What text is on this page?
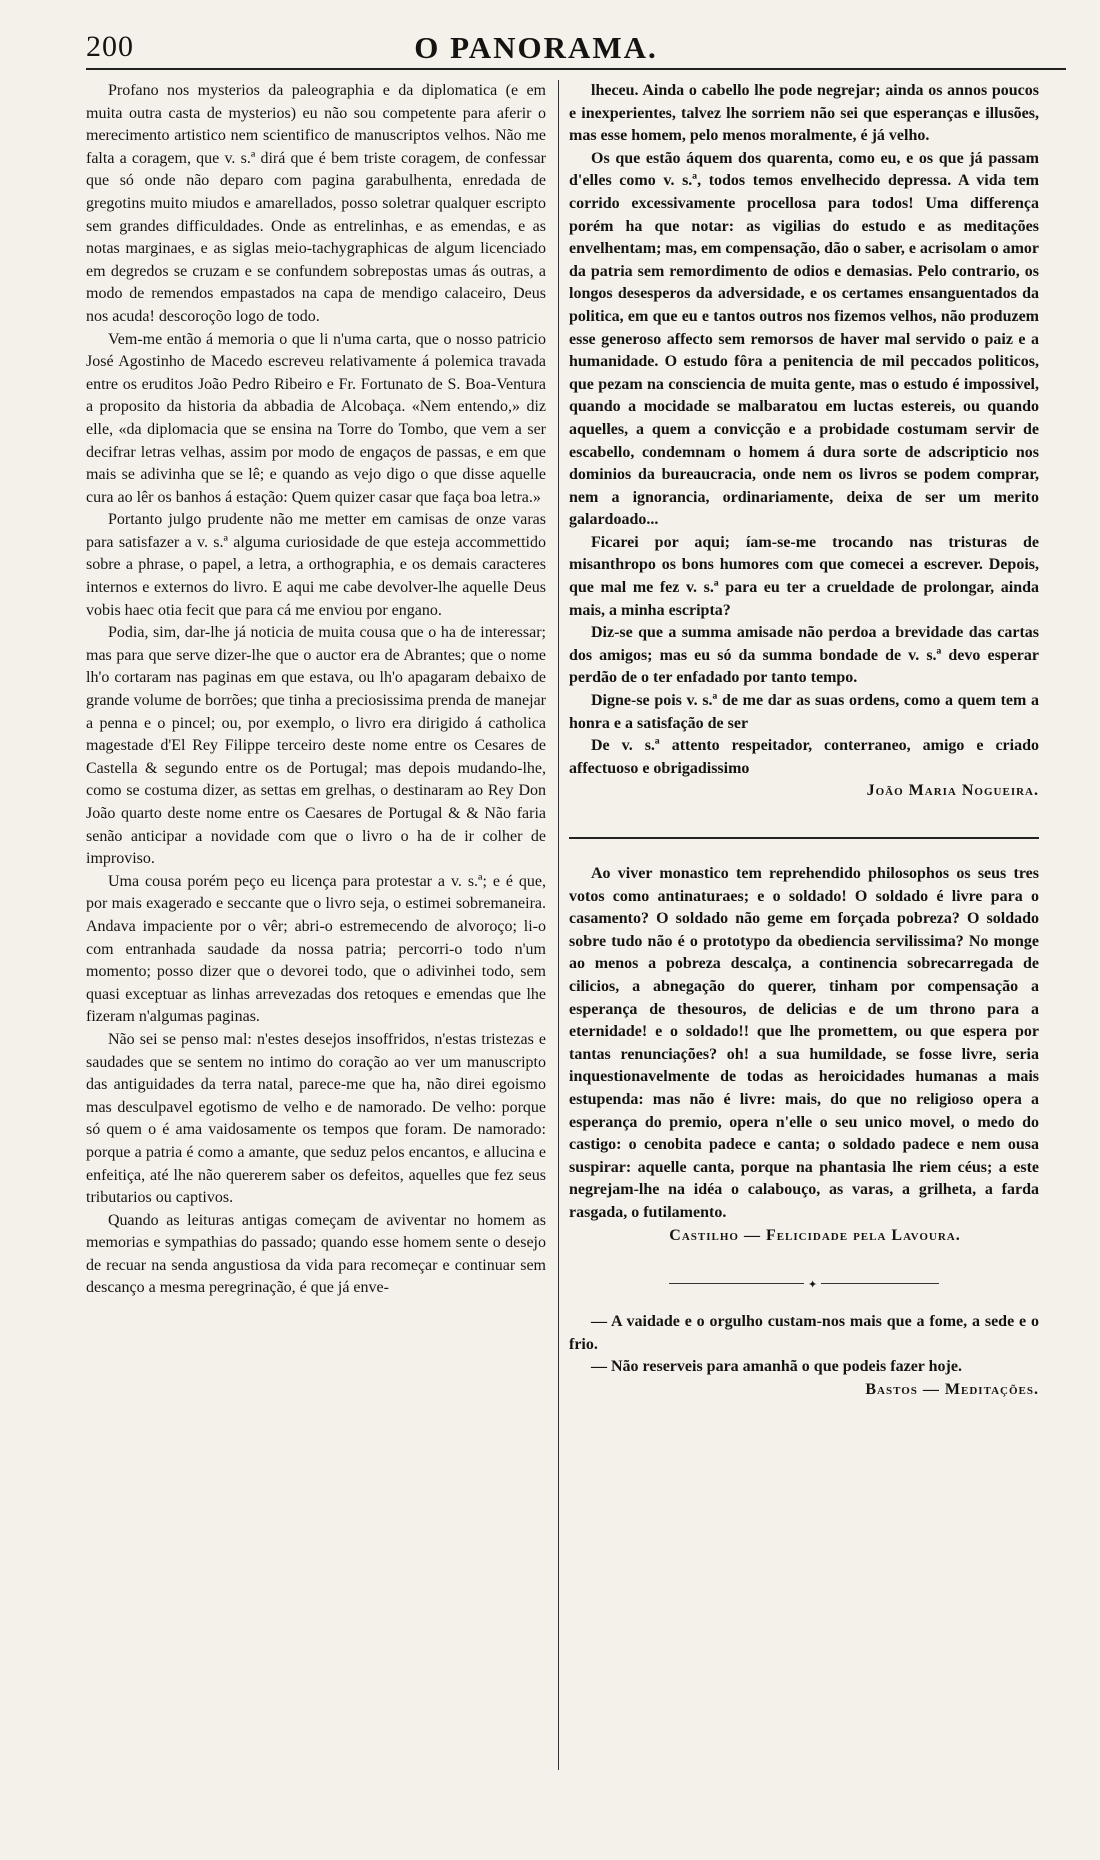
200	O PANORAMA.

Profano nos mysterios da paleographia e da diplomatica (e em muita outra casta de mysterios) eu não sou competente para aferir o merecimento artistico nem scientifico de manuscriptos velhos. Não me falta a coragem, que v. s.ª dirá que é bem triste coragem, de confessar que só onde não deparo com pagina garabulhenta, enredada de gregotins muito miudos e amarellados, posso soletrar qualquer escripto sem grandes difficuldades. Onde as entrelinhas, e as emendas, e as notas marginaes, e as siglas meio-tachygraphicas de algum licenciado em degredos se cruzam e se confundem sobrepostas umas ás outras, a modo de remendos empastados na capa de mendigo calaceiro, Deus nos acuda! descoroçõo logo de todo.

Vem-me então á memoria o que li n'uma carta, que o nosso patricio José Agostinho de Macedo escreveu relativamente á polemica travada entre os eruditos João Pedro Ribeiro e Fr. Fortunato de S. Boa-Ventura a proposito da historia da abbadia de Alcobaça. «Nem entendo,» diz elle, «da diplomacia que se ensina na Torre do Tombo, que vem a ser decifrar letras velhas, assim por modo de engaços de passas, e em que mais se adivinha que se lê; e quando as vejo digo o que disse aquelle cura ao lêr os banhos á estação: Quem quizer casar que faça boa letra.»

Portanto julgo prudente não me metter em camisas de onze varas para satisfazer a v. s.ª alguma curiosidade de que esteja accommettido sobre a phrase, o papel, a letra, a orthographia, e os demais caracteres internos e externos do livro. E aqui me cabe devolver-lhe aquelle Deus vobis haec otia fecit que para cá me enviou por engano.

Podia, sim, dar-lhe já noticia de muita cousa que o ha de interessar; mas para que serve dizer-lhe que o auctor era de Abrantes; que o nome lh'o cortaram nas paginas em que estava, ou lh'o apagaram debaixo de grande volume de borrões; que tinha a preciosissima prenda de manejar a penna e o pincel; ou, por exemplo, o livro era dirigido á catholica magestade d'El Rey Filippe terceiro deste nome entre os Cesares de Castella & segundo entre os de Portugal; mas depois mudando-lhe, como se costuma dizer, as settas em grelhas, o destinaram ao Rey Don João quarto deste nome entre os Caesares de Portugal & & Não faria senão anticipar a novidade com que o livro o ha de ir colher de improviso.

Uma cousa porém peço eu licença para protestar a v. s.ª; e é que, por mais exagerado e seccante que o livro seja, o estimei sobremaneira. Andava impaciente por o vêr; abri-o estremecendo de alvoroço; li-o com entranhada saudade da nossa patria; percorri-o todo n'um momento; posso dizer que o devorei todo, que o adivinhei todo, sem quasi exceptuar as linhas arrevezadas dos retoques e emendas que lhe fizeram n'algumas paginas.

Não sei se penso mal: n'estes desejos insoffridos, n'estas tristezas e saudades que se sentem no intimo do coração ao ver um manuscripto das antiguidades da terra natal, parece-me que ha, não direi egoismo mas desculpavel egotismo de velho e de namorado. De velho: porque só quem o é ama vaidosamente os tempos que foram. De namorado: porque a patria é como a amante, que seduz pelos encantos, e allucina e enfeitiça, até lhe não quererem saber os defeitos, aquelles que fez seus tributarios ou captivos.

Quando as leituras antigas começam de aviventar no homem as memorias e sympathias do passado; quando esse homem sente o desejo de recuar na senda angustiosa da vida para recomeçar e continuar sem descanço a mesma peregrinação, é que já enve-

lheceu. Ainda o cabello lhe pode negrejar; ainda os annos poucos e inexperientes, talvez lhe sorriem não sei que esperanças e illusões, mas esse homem, pelo menos moralmente, é já velho.

Os que estão áquem dos quarenta, como eu, e os que já passam d'elles como v. s.ª, todos temos envelhecido depressa. A vida tem corrido excessivamente procellosa para todos! Uma differença porém ha que notar: as vigilias do estudo e as meditações envelhentam; mas, em compensação, dão o saber, e acrisolam o amor da patria sem remordimento de odios e demasias. Pelo contrario, os longos desesperos da adversidade, e os certames ensanguentados da politica, em que eu e tantos outros nos fizemos velhos, não produzem esse generoso affecto sem remorsos de haver mal servido o paiz e a humanidade. O estudo fôra a penitencia de mil peccados politicos, que pezam na consciencia de muita gente, mas o estudo é impossivel, quando a mocidade se malbaratou em luctas estereis, ou quando aquelles, a quem a convicção e a probidade costumam servir de escabello, condemnam o homem á dura sorte de adscripticio nos dominios da bureaucracia, onde nem os livros se podem comprar, nem a ignorancia, ordinariamente, deixa de ser um merito galardoado...

Ficarei por aqui; íam-se-me trocando nas tristuras de misanthropo os bons humores com que comecei a escrever. Depois, que mal me fez v. s.ª para eu ter a crueldade de prolongar, ainda mais, a minha escripta?

Diz-se que a summa amisade não perdoa a brevidade das cartas dos amigos; mas eu só da summa bondade de v. s.ª devo esperar perdão de o ter enfadado por tanto tempo.

Digne-se pois v. s.ª de me dar as suas ordens, como a quem tem a honra e a satisfação de ser

De v. s.ª attento respeitador, conterraneo, amigo e criado affectuoso e obrigadissimo

João Maria Nogueira.

Ao viver monastico tem reprehendido philosophos os seus tres votos como antinaturaes; e o soldado! O soldado é livre para o casamento? O soldado não geme em forçada pobreza? O soldado sobre tudo não é o prototypo da obediencia servilissima? No monge ao menos a pobreza descalça, a continencia sobrecarregada de cilicios, a abnegação do querer, tinham por compensação a esperança de thesouros, de delicias e de um throno para a eternidade! e o soldado!! que lhe promettem, ou que espera por tantas renunciações? oh! a sua humildade, se fosse livre, seria inquestionavelmente de todas as heroicidades humanas a mais estupenda: mas não é livre: mais, do que no religioso opera a esperança do premio, opera n'elle o seu unico movel, o medo do castigo: o cenobita padece e canta; o soldado padece e nem ousa suspirar: aquelle canta, porque na phantasia lhe riem céus; a este negrejam-lhe na idéa o calabouço, as varas, a grilheta, a farda rasgada, o futilamento.

Castilho — Felicidade pela Lavoura.

✦

— A vaidade e o orgulho custam-nos mais que a fome, a sede e o frio.

— Não reserveis para amanhã o que podeis fazer hoje.

Bastos — Meditações.
